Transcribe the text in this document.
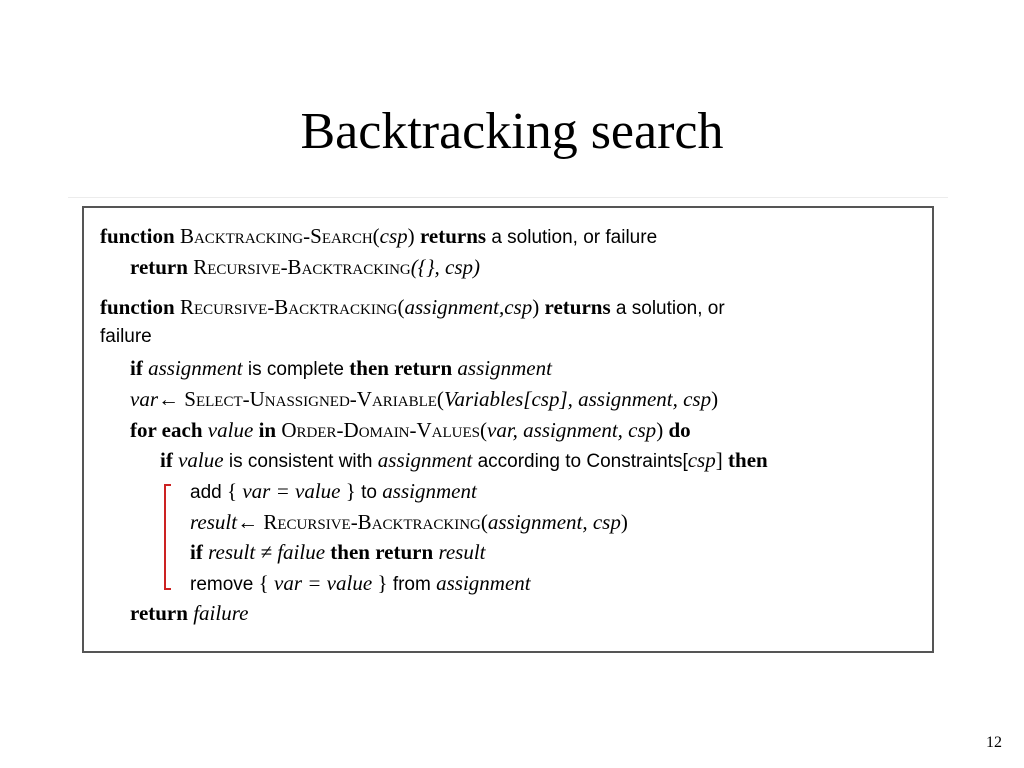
Backtracking search
function Backtracking-Search(csp) returns a solution, or failure
return Recursive-Backtracking({}, csp)
function Recursive-Backtracking(assignment,csp) returns a solution, or
failure
if assignment is complete then return assignment
var← Select-Unassigned-Variable(Variables[csp], assignment, csp)
for each value in Order-Domain-Values(var, assignment, csp) do
if value is consistent with assignment according to Constraints[csp] then
add { var = value } to assignment
result← Recursive-Backtracking(assignment, csp)
if result ≠ failue then return result
remove { var = value } from assignment
return failure
12
